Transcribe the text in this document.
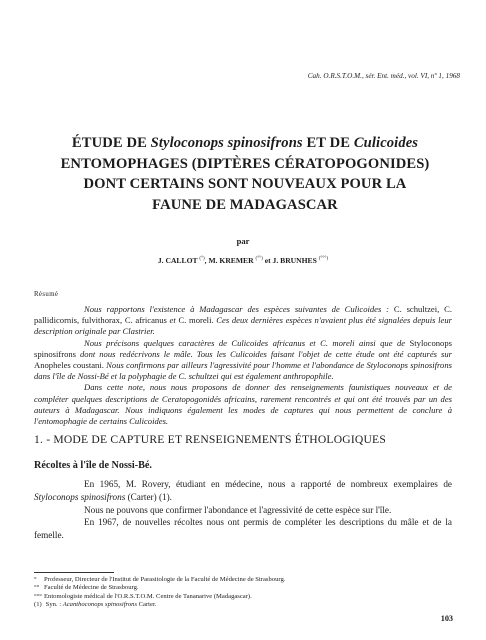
Cah. O.R.S.T.O.M., sér. Ent. méd., vol. VI, nº 1, 1968
ÉTUDE DE Styloconops spinosifrons ET DE Culicoides
ENTOMOPHAGES (DIPTÈRES CÉRATOPOGONIDES)
DONT CERTAINS SONT NOUVEAUX POUR LA
FAUNE DE MADAGASCAR
par
J. CALLOT (°), M. KREMER (°°) et J. BRUNHES (°°°)
Résumé

Nous rapportons l'existence à Madagascar des espèces suivantes de Culicoides : C. schultzei, C. pallidicornis, fulvithorax, C. africanus et C. moreli. Ces deux dernières espèces n'avaient plus été signalées depuis leur description originale par Clastrier.

Nous précisons quelques caractères de Culicoides africanus et C. moreli ainsi que de Styloconops spinosifrons dont nous redécrivons le mâle. Tous les Culicoides faisant l'objet de cette étude ont été capturés sur Anopheles coustani. Nous confirmons par ailleurs l'agressivité pour l'homme et l'abondance de Styloconops spinosifrons dans l'île de Nossi-Bé et la polyphagie de C. schultzei qui est également anthropophile.

Dans cette note, nous nous proposons de donner des renseignements faunistiques nouveaux et de compléter quelques descriptions de Ceratopogonidés africains, rarement rencontrés et qui ont été trouvés par un des auteurs à Madagascar. Nous indiquons également les modes de captures qui nous permettent de conclure à l'entomophagie de certains Culicoides.

1. - MODE DE CAPTURE ET RENSEIGNEMENTS ÉTHOLOGIQUES
Récoltes à l'île de Nossi-Bé.

En 1965, M. Rovery, étudiant en médecine, nous a rapporté de nombreux exemplaires de Styloconops spinosifrons (Carter) (1).

Nous ne pouvons que confirmer l'abondance et l'agressivité de cette espèce sur l'île.

En 1967, de nouvelles récoltes nous ont permis de compléter les descriptions du mâle et de la femelle.

° Professeur, Directeur de l'Institut de Parasitologie de la Faculté de Médecine de Strasbourg.
°° Faculté de Médecine de Strasbourg.
°°° Entomologiste médical de l'O.R.S.T.O.M. Centre de Tananarive (Madagascar).
(1) Syn. : Acanthoconops spinosifrons Carter.
103
